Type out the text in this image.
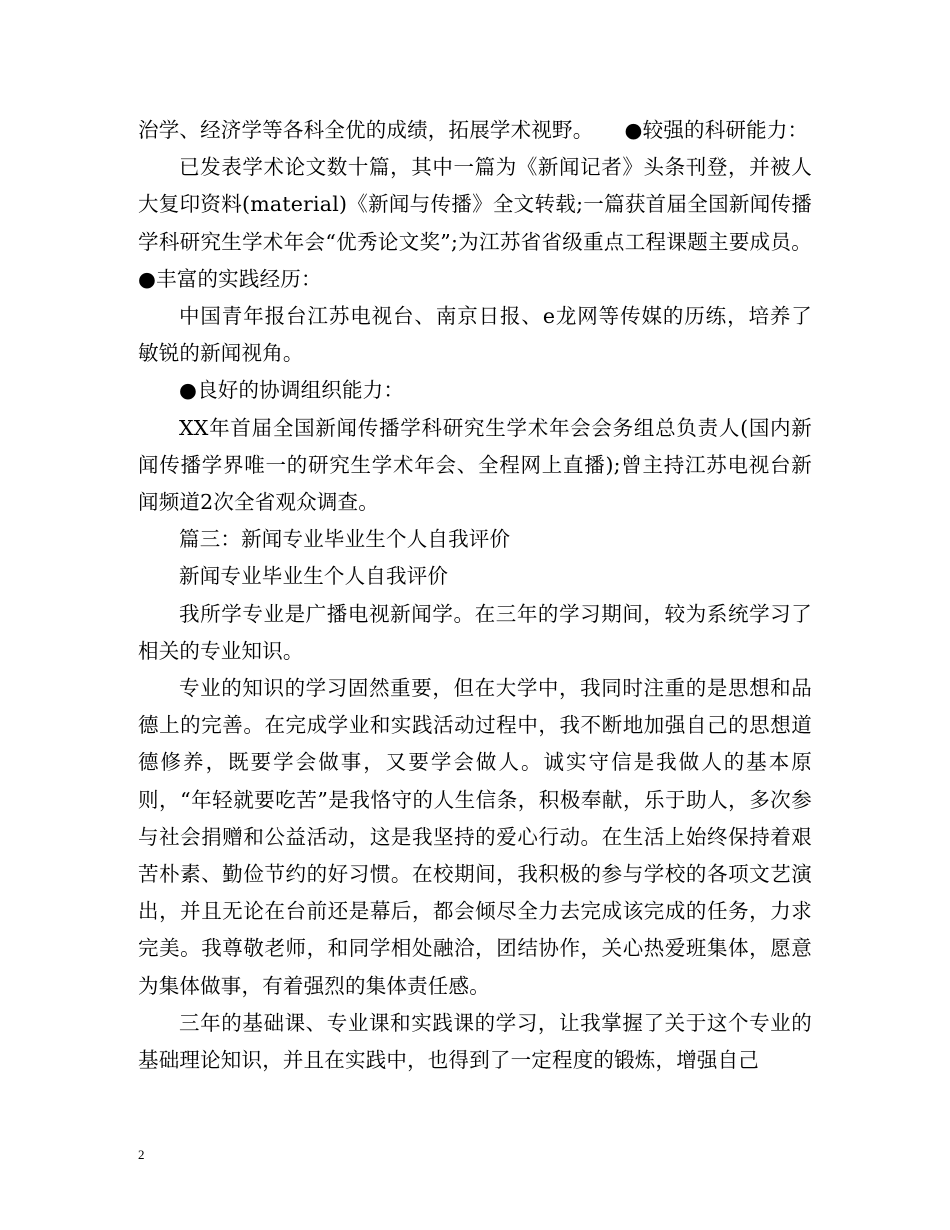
治学、经济学等各科全优的成绩，拓展学术视野。　　●较强的科研能力：

已发表学术论文数十篇，其中一篇为《新闻记者》头条刊登，并被人大复印资料(material)《新闻与传播》全文转载;一篇获首届全国新闻传播学科研究生学术年会“优秀论文奖”;为江苏省省级重点工程课题主要成员。 ●丰富的实践经历：

中国青年报台江苏电视台、南京日报、e龙网等传媒的历练，培养了敏锐的新闻视角。

●良好的协调组织能力：

XX年首届全国新闻传播学科研究生学术年会会务组总负责人(国内新闻传播学界唯一的研究生学术年会、全程网上直播);曾主持江苏电视台新闻频道2次全省观众调查。

篇三：新闻专业毕业生个人自我评价

新闻专业毕业生个人自我评价

我所学专业是广播电视新闻学。在三年的学习期间，较为系统学习了相关的专业知识。

专业的知识的学习固然重要，但在大学中，我同时注重的是思想和品德上的完善。在完成学业和实践活动过程中，我不断地加强自己的思想道德修养，既要学会做事，又要学会做人。诚实守信是我做人的基本原则，“年轻就要吃苦”是我恪守的人生信条，积极奉献，乐于助人，多次参与社会捐赠和公益活动，这是我坚持的爱心行动。在生活上始终保持着艰苦朴素、勤俭节约的好习惯。在校期间，我积极的参与学校的各项文艺演出，并且无论在台前还是幕后，都会倾尽全力去完成该完成的任务，力求完美。我尊敬老师，和同学相处融洽，团结协作，关心热爱班集体，愿意为集体做事，有着强烈的集体责任感。

三年的基础课、专业课和实践课的学习，让我掌握了关于这个专业的基础理论知识，并且在实践中，也得到了一定程度的锻炼，增强自己

2
